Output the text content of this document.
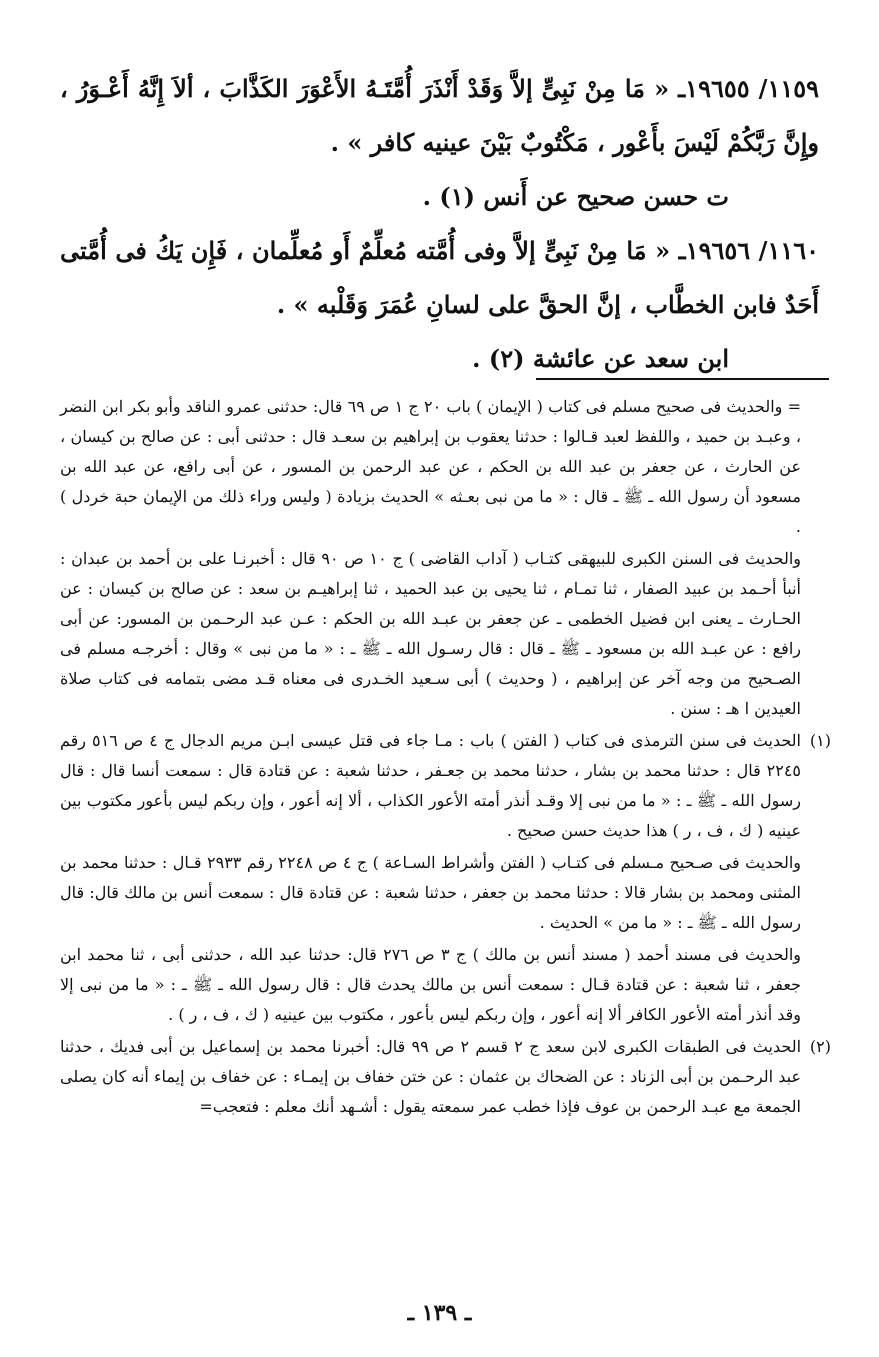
١١٥٩/ ١٩٦٥٥ـ « مَا مِنْ نَبِىٍّ إلاَّ وَقَدْ أَنْذَرَ أُمَّتَـهُ الأَعْوَرَ الكَذَّابَ ، ألاَ إِنَّهُ أَعْـوَرُ ، وإِنَّ رَبَّكُمْ لَيْسَ بأَعْور ، مَكْتُوبٌ بَيْنَ عينيه كافر » .

ت حسن صحيح عن أَنس (١) .

١١٦٠/ ١٩٦٥٦ـ « مَا مِنْ نَبِىٍّ إلاَّ وفى أُمَّته مُعلِّمٌ أَو مُعلِّمان ، فَإِن يَكُ فى أُمَّتى أَحَدٌ فابن الخطَّاب ، إنَّ الحقَّ على لسانِ عُمَرَ وَقَلْبه » .

ابن سعد عن عائشة (٢) .

= والحديث فى صحيح مسلم فى كتاب ( الإيمان ) باب ٢٠ ج ١ ص ٦٩ قال: حدثنى عمرو الناقد وأبو بكر ابن النضر ، وعبـد بن حميد ، واللفظ لعبد قـالوا : حدثنا يعقوب بن إبراهيم بن سعـد قال : حدثنى أبى : عن صالح بن كيسان ، عن الحارث ، عن جعفر بن عبد الله بن الحكم ، عن عبد الرحمن بن المسور ، عن أبى رافع، عن عبد الله بن مسعود أن رسول الله ـ ﷺ ـ قال : « ما من نبى بعـثه » الحديث بزيادة ( وليس وراء ذلك من الإيمان حبة خردل ) .

والحديث فى السنن الكبرى للبيهقى كتـاب ( آداب القاضى ) ج ١٠ ص ٩٠ قال : أخبرنـا على بن أحمد بن عبدان : أنبأ أحـمد بن عبيد الصفار ، ثنا تمـام ، ثنا يحيى بن عبد الحميد ، ثنا إبراهيـم بن سعد : عن صالح بن كيسان : عن الحـارث ـ يعنى ابن فضيل الخطمى ـ عن جعفر بن عبـد الله بن الحكم : عـن عبد الرحـمن بن المسور: عن أبى رافع : عن عبـد الله بن مسعود ـ ﷺ ـ قال : قال رسـول الله ـ ﷺ ـ : « ما من نبى » وقال : أخرجـه مسلم فى الصـحيح من وجه آخر عن إبراهيم ، ( وحديث ) أبى سـعيد الخـدرى فى معناه قـد مضى بتمامه فى كتاب صلاة العيدين ا هـ : سنن .

(١)
الحديث فى سنن الترمذى فى كتاب ( الفتن ) باب : مـا جاء فى قتل عيسى ابـن مريم الدجال ج ٤ ص ٥١٦ رقم ٢٢٤٥ قال : حدثنا محمد بن بشار ، حدثنا محمد بن جعـفر ، حدثنا شعبة : عن قتادة قال : سمعت أنسا قال : قال رسول الله ـ ﷺ ـ : « ما من نبى إلا وقـد أنذر أمته الأعور الكذاب ، ألا إنه أعور ، وإن ربكم ليس بأعور مكتوب بين عينيه ( ك ، ف ، ر ) هذا حديث حسن صحيح .

والحديث فى صـحيح مـسلم فى كتـاب ( الفتن وأشراط السـاعة ) ج ٤ ص ٢٢٤٨ رقم ٢٩٣٣ قـال : حدثنا محمد بن المثنى ومحمد بن بشار قالا : حدثنا محمد بن جعفر ، حدثنا شعبة : عن قتادة قال : سمعت أنس بن مالك قال: قال رسول الله ـ ﷺ ـ : « ما من » الحديث .

والحديث فى مسند أحمد ( مسند أنس بن مالك ) ج ٣ ص ٢٧٦ قال: حدثنا عبد الله ، حدثنى أبى ، ثنا محمد ابن جعفر ، ثنا شعبة : عن قتادة قـال : سمعت أنس بن مالك يحدث قال : قال رسول الله ـ ﷺ ـ : « ما من نبى إلا وقد أنذر أمته الأعور الكافر ألا إنه أعور ، وإن ربكم ليس بأعور ، مكتوب بين عينيه ( ك ، ف ، ر ) .

(٢)
الحديث فى الطبقات الكبرى لابن سعد ج ٢ قسم ٢ ص ٩٩ قال: أخبرنا محمد بن إسماعيل بن أبى فديك ، حدثنا عبد الرحـمن بن أبى الزناد : عن الضحاك بن عثمان : عن ختن خفاف بن إيمـاء : عن خفاف بن إيماء أنه كان يصلى الجمعة مع عبـد الرحمن بن عوف فإذا خطب عمر سمعته يقول : أشـهد أنك معلم : فتعجب=

ـ ١٣٩ ـ
